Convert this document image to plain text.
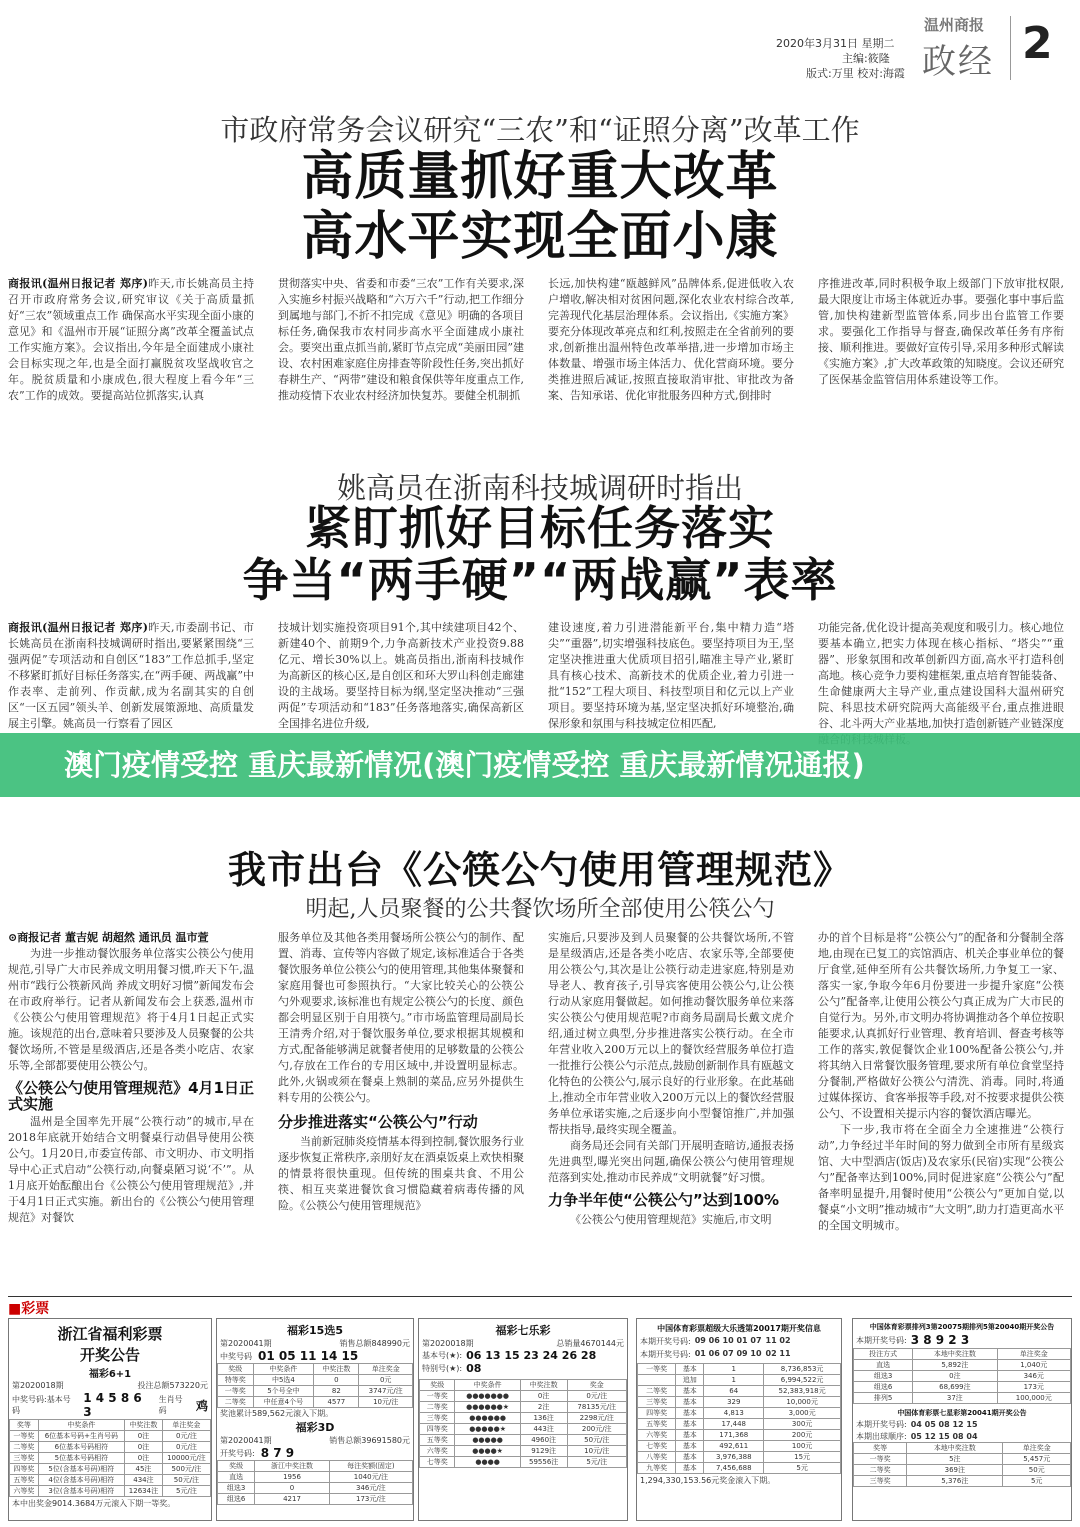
2020年3月31日 星期二
主编:筱隆
版式:万里 校对:海霞
温州商报
政经 2
市政府常务会议研究“三农”和“证照分离”改革工作
高质量抓好重大改革
高水平实现全面小康
商报讯(温州日报记者 郑序)昨天,市长姚高员主持召开市政府常务会议,研究审议《关于高质量抓好“三农”领域重点工作 确保高水平实现全面小康的意见》和《温州市开展“证照分离”改革全覆盖试点工作实施方案》。会议指出,今年是全面建成小康社会目标实现之年,也是全面打赢脱贫攻坚战收官之年。脱贫质量和小康成色,很大程度上看今年“三农”工作的成效。要提高站位抓落实,认真
贯彻落实中央、省委和市委“三农”工作有关要求,深入实施乡村振兴战略和“六万六千”行动,把工作细分到属地与部门,不折不扣完成《意见》明确的各项目标任务,确保我市农村同步高水平全面建成小康社会。要突出重点抓当前,紧盯节点完成“美丽田园”建设、农村困难家庭住房排查等阶段性任务,突出抓好春耕生产、“两带”建设和粮食保供等年度重点工作,推动疫情下农业农村经济加快复苏。要健全机制抓
长远,加快构建“瓯越鲜风”品牌体系,促进低收入农户增收,解决相对贫困问题,深化农业农村综合改革,完善现代化基层治理体系。会议指出,《实施方案》要充分体现改革亮点和红利,按照走在全省前列的要求,创新推出温州特色改革举措,进一步增加市场主体数量、增强市场主体活力、优化营商环境。要分类推进照后减证,按照直接取消审批、审批改为备案、告知承诺、优化审批服务四种方式,倒排时
序推进改革,同时积极争取上级部门下放审批权限,最大限度让市场主体就近办事。要强化事中事后监管,加快构建新型监管体系,同步出台监管工作要求。要强化工作指导与督查,确保改革任务有序衔接、顺利推进。要做好宣传引导,采用多种形式解读《实施方案》,扩大改革政策的知晓度。会议还研究了医保基金监管信用体系建设等工作。
姚高员在浙南科技城调研时指出
紧盯抓好目标任务落实
争当“两手硬”“两战赢”表率
商报讯(温州日报记者 郑序)昨天,市委副书记、市长姚高员在浙南科技城调研时指出,要紧紧围绕“三强两促”专项活动和自创区“183”工作总抓手,坚定不移紧盯抓好目标任务落实,在“两手硬、两战赢”中作表率、走前列、作贡献,成为名副其实的自创区“一区五园”领头羊、创新发展策源地、高质量发展主引擎。姚高员一行察看了园区
技城计划实施投资项目91个,其中续建项目42个、新建40个、前期9个,力争高新技术产业投资9.88亿元、增长30%以上。姚高员指出,浙南科技城作为高新区的核心区,是自创区和环大罗山科创走廊建设的主战场。要坚持目标为纲,坚定坚决推动“三强两促”专项活动和“183”任务落地落实,确保高新区全国排名进位升级,
建设速度,着力引进潜能新平台,集中精力造“塔尖”“重器”,切实增强科技底色。要坚持项目为王,坚定坚决推进重大优质项目招引,瞄准主导产业,紧盯具有核心技术、高新技术的优质企业,着力引进一批“152”工程大项目、科技型项目和亿元以上产业项目。要坚持环境为基,坚定坚决抓好环境整治,确保形象和氛围与科技城定位相匹配,
功能完备,优化设计提高美观度和吸引力。核心地位要基本确立,把实力体现在核心指标、“塔尖”“重器”、形象氛围和改革创新四方面,高水平打造科创高地。核心竞争力要构建框架,重点培育智能装备、生命健康两大主导产业,重点建设国科大温州研究院、科思技术研究院两大高能级平台,重点推进眼谷、北斗两大产业基地,加快打造创新链产业链深度
澳门疫情受控 重庆最新情况(澳门疫情受控 重庆最新情况通报)
我市出台《公筷公勺使用管理规范》
明起,人员聚餐的公共餐饮场所全部使用公筷公勺
⊙商报记者 董吉妮 胡超然 通讯员 温市萱

为进一步推动餐饮服务单位落实公筷公勺使用规范,引导广大市民养成文明用餐习惯,昨天下午,温州市“践行公筷新风尚 养成文明好习惯”新闻发布会在市政府举行。记者从新闻发布会上获悉,温州市《公筷公勺使用管理规范》将于4月1日起正式实施。该规范的出台,意味着只要涉及人员聚餐的公共餐饮场所,不管是星级酒店,还是各类小吃店、农家乐等,全部都要使用公筷公勺。

《公筷公勺使用管理规范》4月1日正式实施

温州是全国率先开展“公筷行动”的城市,早在2018年底就开始结合文明餐桌行动倡导使用公筷公勺。1月20日,市委宣传部、市文明办、市文明指导中心正式启动“公筷行动,向餐桌陋习说‘不’”。从1月底开始酝酿出台《公筷公勺使用管理规范》,并于4月1日正式实施。新出台的《公筷公勺使用管理规范》对餐饮

服务单位及其他各类用餐场所公筷公勺的制作、配置、消毒、宣传等内容做了规定,该标准适合于各类餐饮服务单位公筷公勺的使用管理,其他集体聚餐和家庭用餐也可参照执行。“大家比较关心的公筷公勺外观要求,该标准也有规定公筷公勺的长度、颜色都会明显区别于自用筷勺。”市市场监管理局副局长王清秀介绍,对于餐饮服务单位,要求根据其规模和方式,配备能够满足就餐者使用的足够数量的公筷公勺,存放在工作台的专用区域中,并设置明显标志。此外,火锅或须在餐桌上熟制的菜品,应另外提供生料专用的公筷公勺。

分步推进落实“公筷公勺”行动

当前新冠肺炎疫情基本得到控制,餐饮服务行业逐步恢复正常秩序,亲朋好友在酒桌饭桌上欢快相聚的情景将很快重现。但传统的围桌共食、不用公筷、相互夹菜进餐饮食习惯隐藏着病毒传播的风险。《公筷公勺使用管理规范》

实施后,只要涉及到人员聚餐的公共餐饮场所,不管是星级酒店,还是各类小吃店、农家乐等,全部要使用公筷公勺,其次是让公筷行动走进家庭,特别是劝导老人、教育孩子,引导宾客使用公筷公勺,让公筷行动从家庭用餐做起。如何推动餐饮服务单位来落实公筷公勺使用规范呢?市商务局副局长戴文虎介绍,通过树立典型,分步推进落实公筷行动。在全市年营业收入200万元以上的餐饮经营服务单位打造一批推行公筷公勺示范点,鼓励创新制作具有瓯越文化特色的公筷公勺,展示良好的行业形象。在此基础上,推动全市年营业收入200万元以上的餐饮经营服务单位承诺实施,之后逐步向小型餐馆推广,并加强帮扶指导,最终实现全覆盖。

商务局还会同有关部门开展明查暗访,通报表扬先进典型,曝光突出问题,确保公筷公勺使用管理规范落到实处,推动市民养成“文明就餐”好习惯。

力争半年使“公筷公勺”达到100%

《公筷公勺使用管理规范》实施后,市文明

办的首个目标是将“公筷公勺”的配备和分餐制全落地,由现在已复工的宾馆酒店、机关企事业单位的餐厅食堂,延伸至所有公共餐饮场所,力争复工一家、落实一家,争取今年6月份要进一步提升家庭“公筷公勺”配备率,让使用公筷公勺真正成为广大市民的自觉行为。另外,市文明办将协调推动各个单位按职能要求,认真抓好行业管理、教育培训、督查考核等工作的落实,敦促餐饮企业100%配备公筷公勺,并将其纳入日常餐饮服务管理,要求所有单位食堂坚持分餐制,严格做好公筷公勺清洗、消毒。同时,将通过媒体探访、食客举报等手段,对不按要求提供公筷公勺、不设置相关提示内容的餐饮酒店曝光。

下一步,我市将在全面全力全速推进“公筷行动”,力争经过半年时间的努力做到全市所有星级宾馆、大中型酒店(饭店)及农家乐(民宿)实现“公筷公勺”配备率达到100%,同时促进家庭“公筷公勺”配备率明显提升,用餐时使用“公筷公勺”更加自觉,以餐桌“小文明”推动城市“大文明”,助力打造更高水平的全国文明城市。

■彩票
浙江省福利彩票
开奖公告
福彩6+1
第2020018期	投注总额573220元
中奖号码:基本号码
1 4 5 8 6 3
生肖号码	鸡
奖等	中奖条件	中奖注数	单注奖金
一等奖	6位基本号码+生肖号码	0注	0元/注
二等奖	6位基本号码相符	0注	0元/注
三等奖	5位基本号码相符	0注	10000元/注
四等奖	5位(含基本号码)相符	45注	500元/注
五等奖	4位(含基本号码)相符	434注	50元/注
六等奖	3位(含基本号码)相符	12634注	5元/注
本中出奖金9014.3684万元滚入下期一等奖。
福彩15选5
第2020041期	销售总额848990元
中奖号码 01 05 11 14 15
奖级	中奖条件	中奖注数	单注奖金
特等奖	中5选4	0	0元
一等奖	5个号全中	82	3747元/注
二等奖	中任意4个号	4577	10元/注
奖池累计589,562元滚入下期。
福彩3D
第2020041期	销售总额39691580元
开奖号码: 8 7 9
奖级	浙江中奖注数	每注奖额(固定)
直选	1956	1040元/注
组选3	0	346元/注
组选6	4217	173元/注
福彩七乐彩
第2020018期	总销量4670144元
基本号(★): 06 13 15 23 24 26 28
特别号(★): 08
奖级	中奖条件	中奖注数	奖金
一等奖	●●●●●●●	0注	0元/注
二等奖	●●●●●●★	2注	78135元/注
三等奖	●●●●●●	136注	2298元/注
四等奖	●●●●●★	443注	200元/注
五等奖	●●●●●	4960注	50元/注
六等奖	●●●●★	9129注	10元/注
七等奖	●●●●	59556注	5元/注
中国体育彩票超级大乐透第20017期开奖信息
本期开奖号码: 09 06 10 01 07 11 02
本期开奖号码: 01 06 07 09 10 02 11
一等奖	基本	1	8,736,853元
	追加	1	6,994,522元
二等奖	基本	64	52,383,918元
三等奖	基本	329	10,000元
四等奖	基本	4,813	3,000元
五等奖	基本	17,448	300元
六等奖	基本	171,368	200元
七等奖	基本	492,611	100元
八等奖	基本	3,976,388	15元
九等奖	基本	7,456,688	5元
1,294,330,153.56元奖金滚入下期。
中国体育彩票排列3第20075期排列5第20040期开奖公告
本期开奖号码: 3 8 9 2 3
投注方式	本地中奖注数	单注奖金
直选	5,892注	1,040元
组选3	0注	346元
组选6	68,699注	173元
排列5	37注	100,000元
中国体育彩票七星彩第20041期开奖公告
本期开奖号码: 04 05 08 12 15
本期出球顺序: 05 12 15 08 04
奖等	本地中奖注数	单注奖金
一等奖	5注	5,457元
二等奖	369注	50元
三等奖	5,376注	5元
